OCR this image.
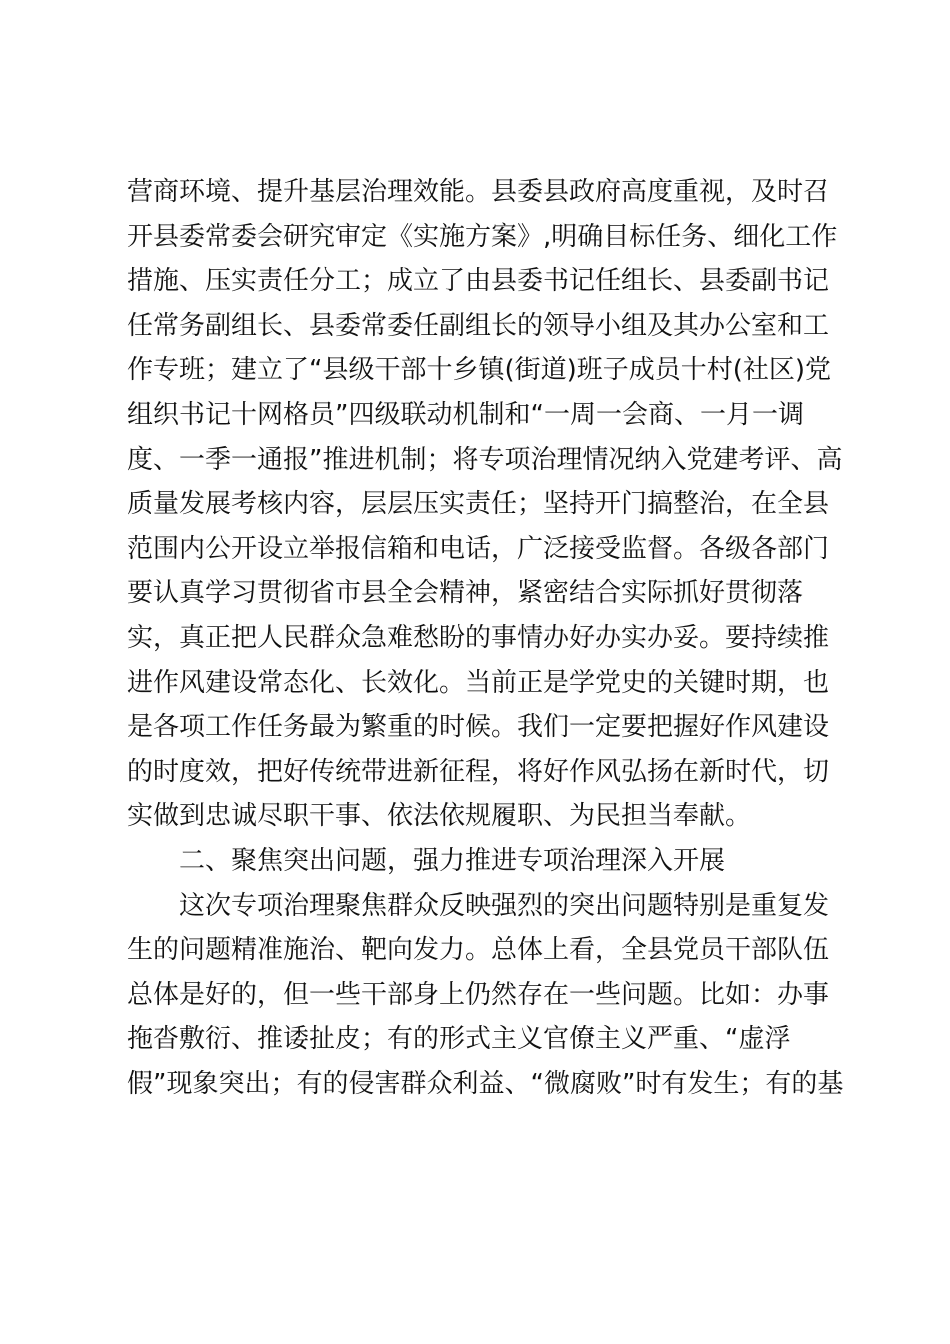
营商环境、提升基层治理效能。县委县政府高度重视，及时召
开县委常委会研究审定《实施方案》,明确目标任务、细化工作
措施、压实责任分工；成立了由县委书记任组长、县委副书记
任常务副组长、县委常委任副组长的领导小组及其办公室和工
作专班；建立了“县级干部十乡镇(街道)班子成员十村(社区)党
组织书记十网格员”四级联动机制和“一周一会商、一月一调
度、一季一通报”推进机制；将专项治理情况纳入党建考评、高
质量发展考核内容，层层压实责任；坚持开门搞整治，在全县
范围内公开设立举报信箱和电话，广泛接受监督。各级各部门
要认真学习贯彻省市县全会精神，紧密结合实际抓好贯彻落
实，真正把人民群众急难愁盼的事情办好办实办妥。要持续推
进作风建设常态化、长效化。当前正是学党史的关键时期，也
是各项工作任务最为繁重的时候。我们一定要把握好作风建设
的时度效，把好传统带进新征程，将好作风弘扬在新时代，切
实做到忠诚尽职干事、依法依规履职、为民担当奉献。
二、聚焦突出问题，强力推进专项治理深入开展
这次专项治理聚焦群众反映强烈的突出问题特别是重复发
生的问题精准施治、靶向发力。总体上看，全县党员干部队伍
总体是好的，但一些干部身上仍然存在一些问题。比如：办事
拖沓敷衍、推诿扯皮；有的形式主义官僚主义严重、“虚浮
假”现象突出；有的侵害群众利益、“微腐败”时有发生；有的基
